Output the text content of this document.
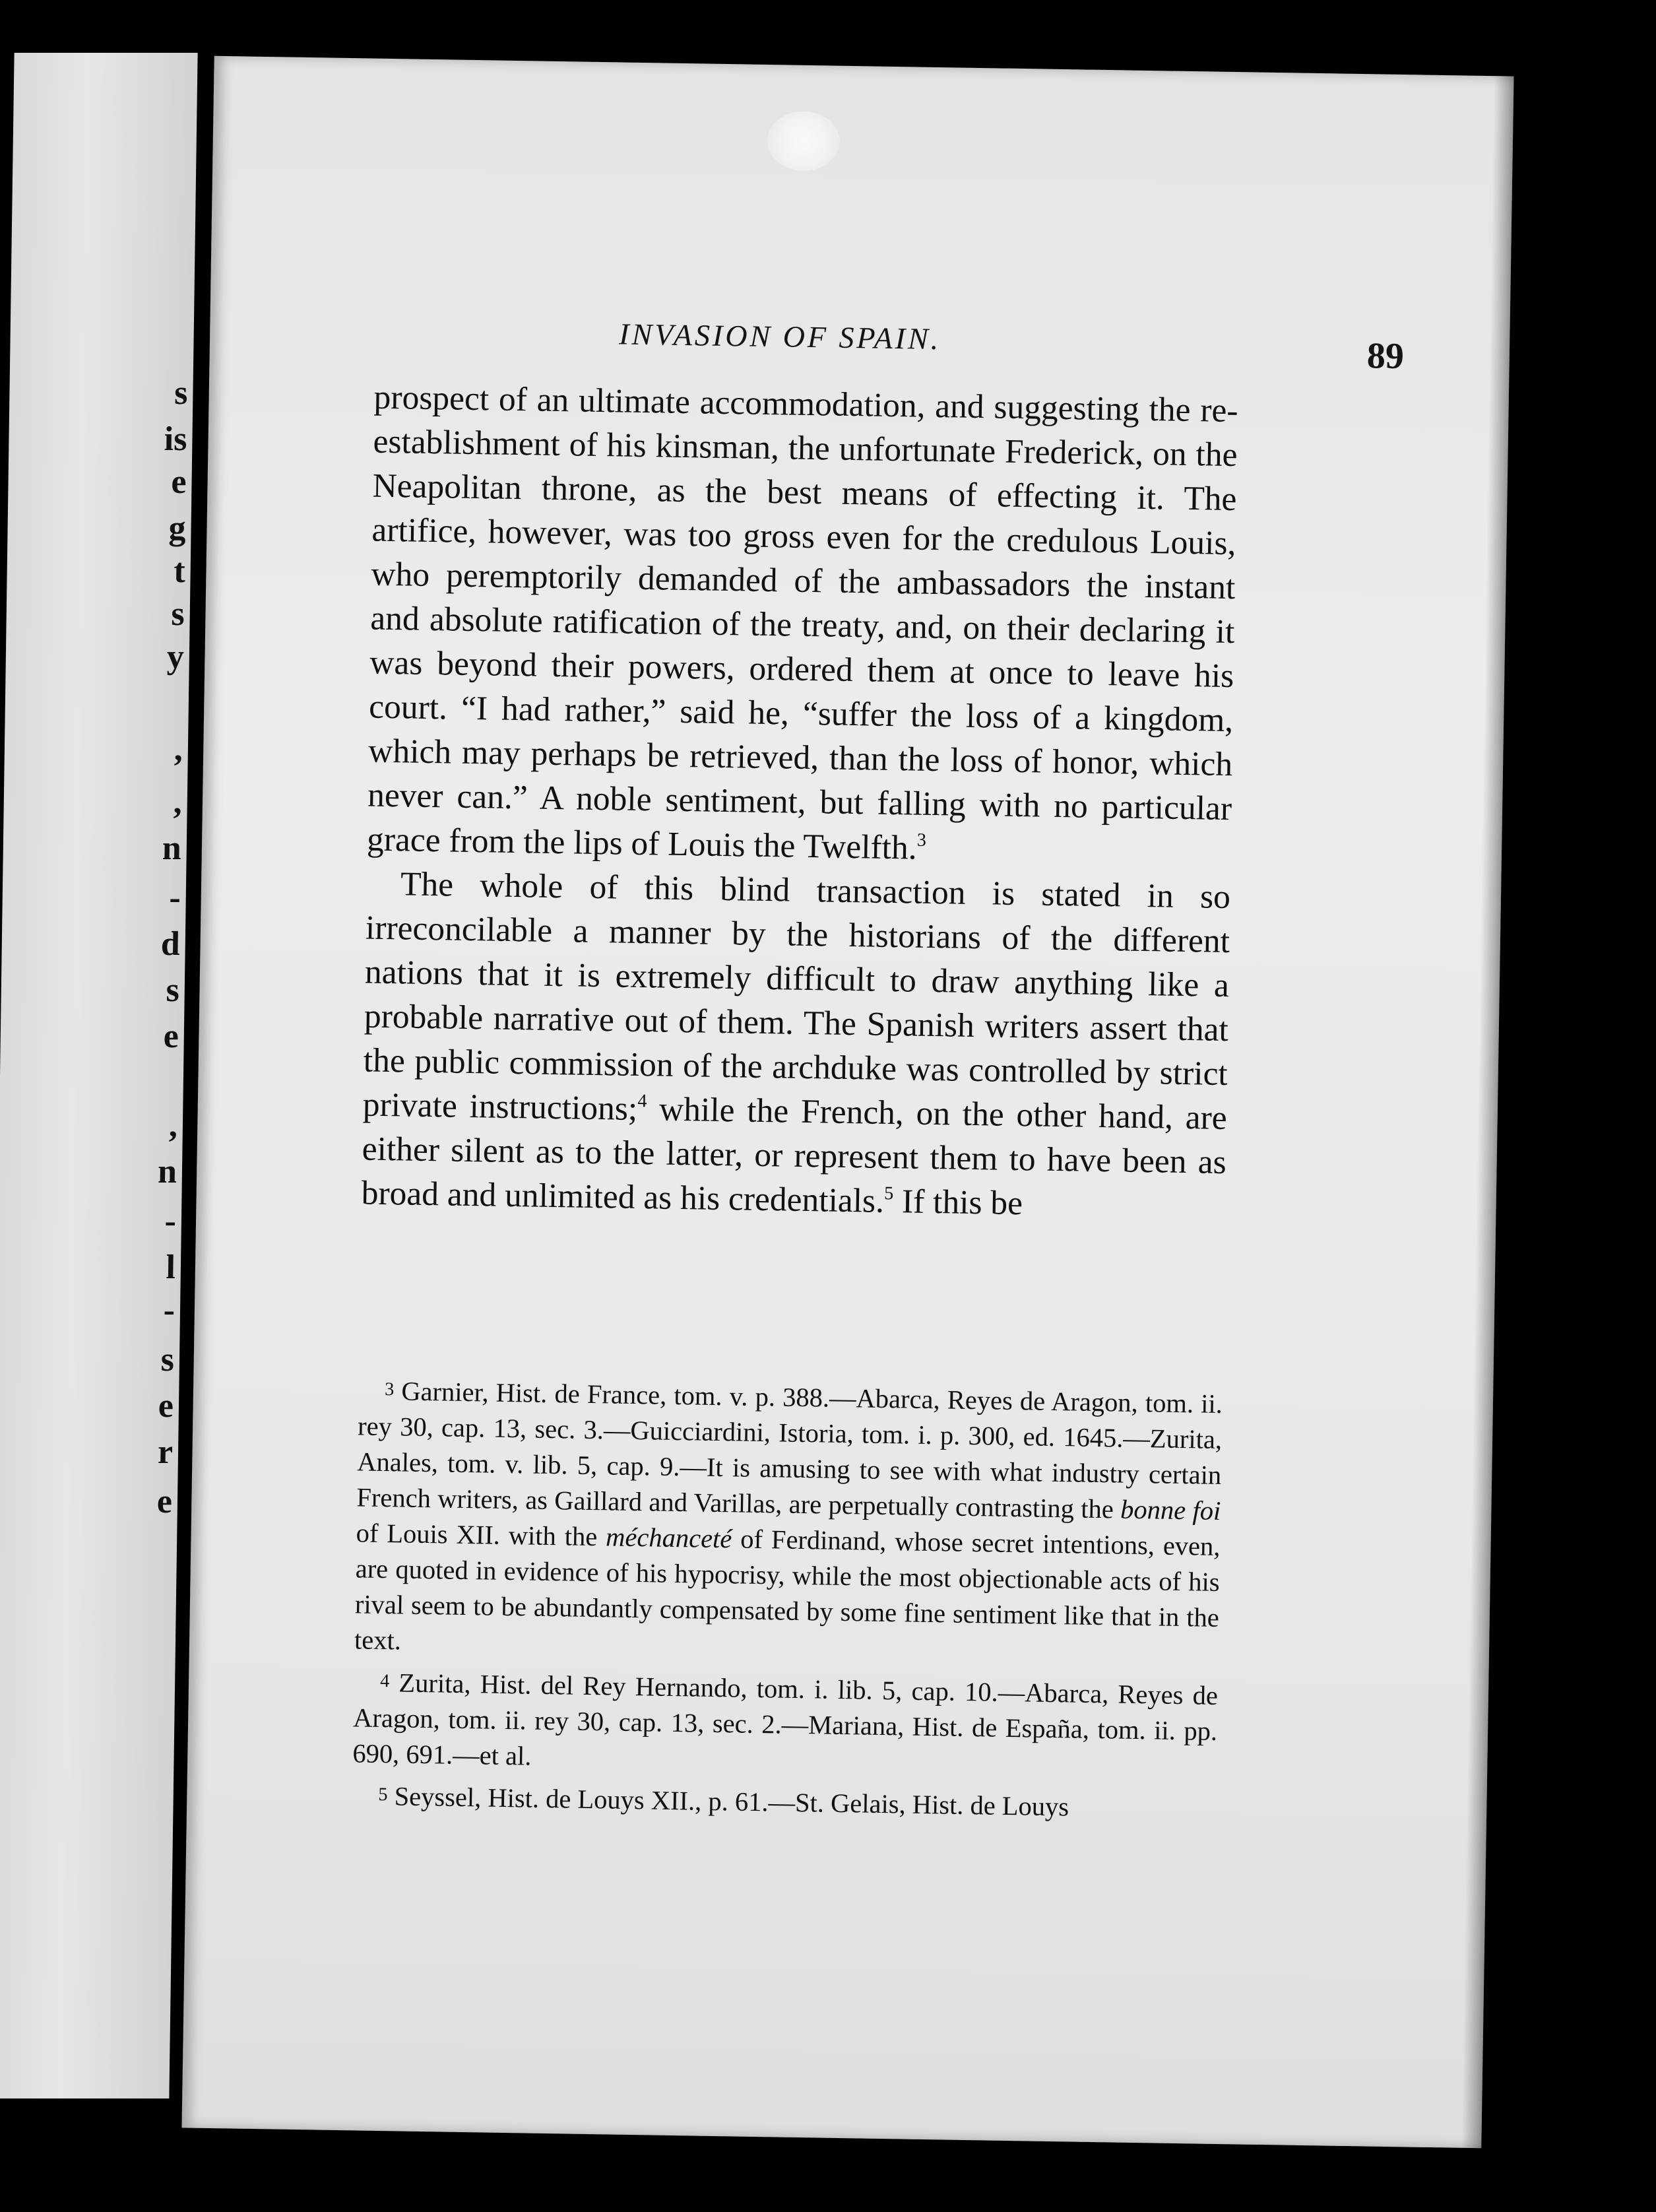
s
is
e
g
t
s
y
,
,
n
-
d
s
e
,
n
-
l
-
s
e
r
e
INVASION OF SPAIN.	89

prospect of an ultimate accommodation, and suggesting the re-establishment of his kinsman, the unfortunate Frederick, on the Neapolitan throne, as the best means of effecting it. The artifice, however, was too gross even for the credulous Louis, who peremptorily demanded of the ambassadors the instant and absolute ratification of the treaty, and, on their declaring it was beyond their powers, ordered them at once to leave his court. “I had rather,” said he, “suffer the loss of a kingdom, which may perhaps be retrieved, than the loss of honor, which never can.” A noble sentiment, but falling with no particular grace from the lips of Louis the Twelfth.$^3$

The whole of this blind transaction is stated in so irreconcilable a manner by the historians of the different nations that it is extremely difficult to draw anything like a probable narrative out of them. The Spanish writers assert that the public commission of the archduke was controlled by strict private instructions;$^4$ while the French, on the other hand, are either silent as to the latter, or represent them to have been as broad and unlimited as his credentials.$^5$ If this be

3 Garnier, Hist. de France, tom. v. p. 388.—Abarca, Reyes de Aragon, tom. ii. rey 30, cap. 13, sec. 3.—Guicciardini, Istoria, tom. i. p. 300, ed. 1645.—Zurita, Anales, tom. v. lib. 5, cap. 9.—It is amusing to see with what industry certain French writers, as Gaillard and Varillas, are perpetually contrasting the bonne foi of Louis XII. with the méchanceté of Ferdinand, whose secret intentions, even, are quoted in evidence of his hypocrisy, while the most objectionable acts of his rival seem to be abundantly compensated by some fine sentiment like that in the text.

4 Zurita, Hist. del Rey Hernando, tom. i. lib. 5, cap. 10.—Abarca, Reyes de Aragon, tom. ii. rey 30, cap. 13, sec. 2.—Mariana, Hist. de España, tom. ii. pp. 690, 691.—et al.

5 Seyssel, Hist. de Louys XII., p. 61.—St. Gelais, Hist. de Louys
